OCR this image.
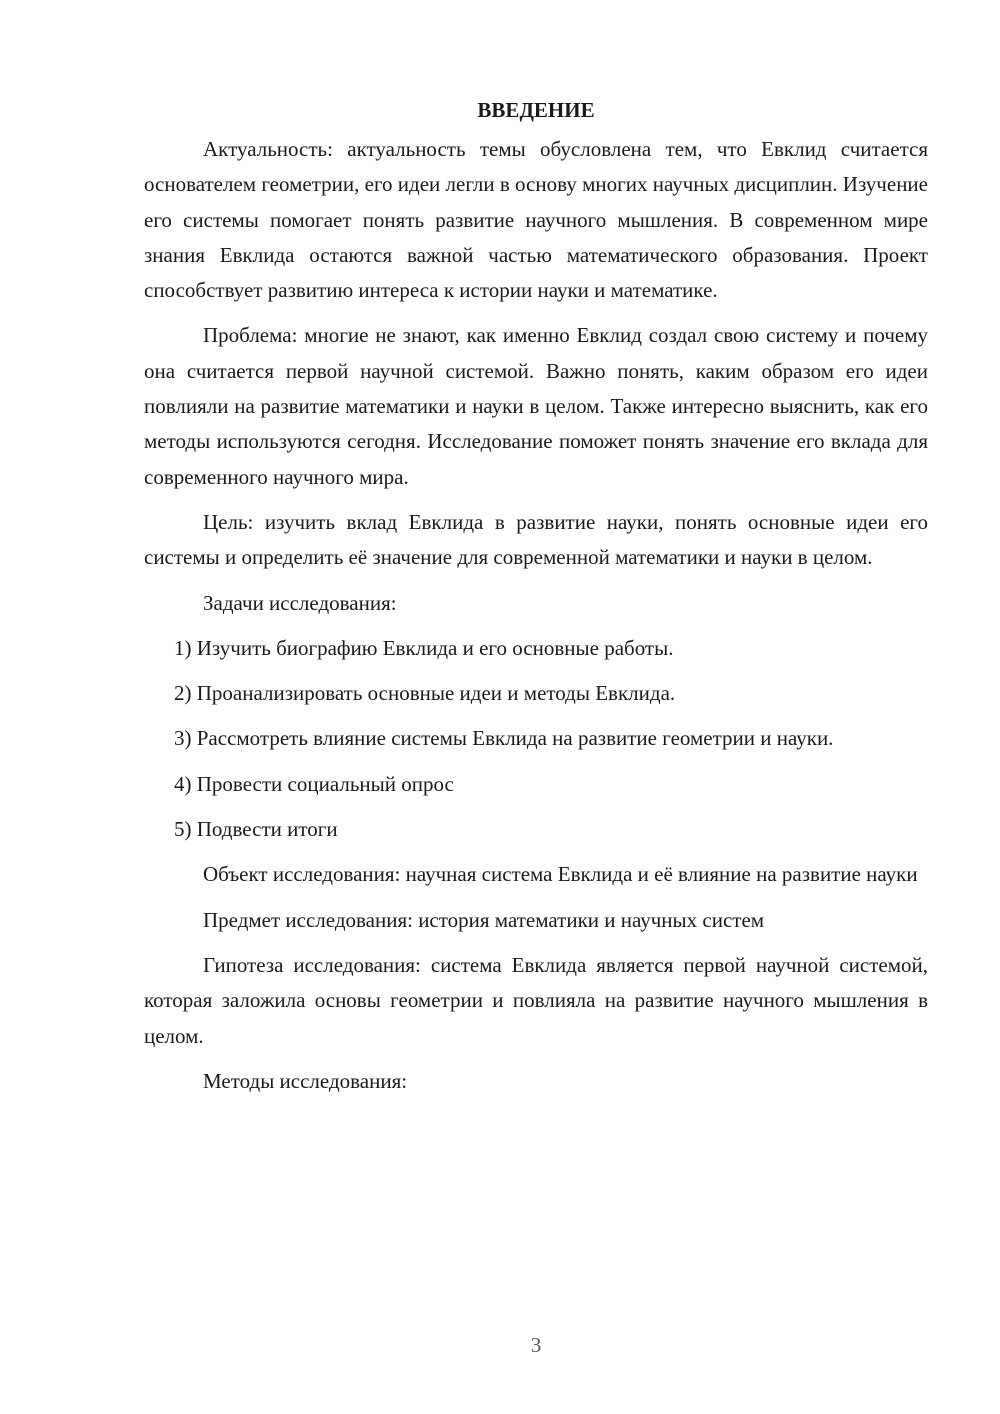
ВВЕДЕНИЕ

Актуальность: актуальность темы обусловлена тем, что Евклид считается основателем геометрии, его идеи легли в основу многих научных дисциплин. Изучение его системы помогает понять развитие научного мышления. В современном мире знания Евклида остаются важной частью математического образования. Проект способствует развитию интереса к истории науки и математике.

Проблема: многие не знают, как именно Евклид создал свою систему и почему она считается первой научной системой. Важно понять, каким образом его идеи повлияли на развитие математики и науки в целом. Также интересно выяснить, как его методы используются сегодня. Исследование поможет понять значение его вклада для современного научного мира.

Цель: изучить вклад Евклида в развитие науки, понять основные идеи его системы и определить её значение для современной математики и науки в целом.

Задачи исследования:

1) Изучить биографию Евклида и его основные работы.

2) Проанализировать основные идеи и методы Евклида.

3) Рассмотреть влияние системы Евклида на развитие геометрии и науки.

4) Провести социальный опрос

5) Подвести итоги

Объект исследования: научная система Евклида и её влияние на развитие науки

Предмет исследования: история математики и научных систем

Гипотеза исследования: система Евклида является первой научной системой, которая заложила основы геометрии и повлияла на развитие научного мышления в целом.

Методы исследования:

3
